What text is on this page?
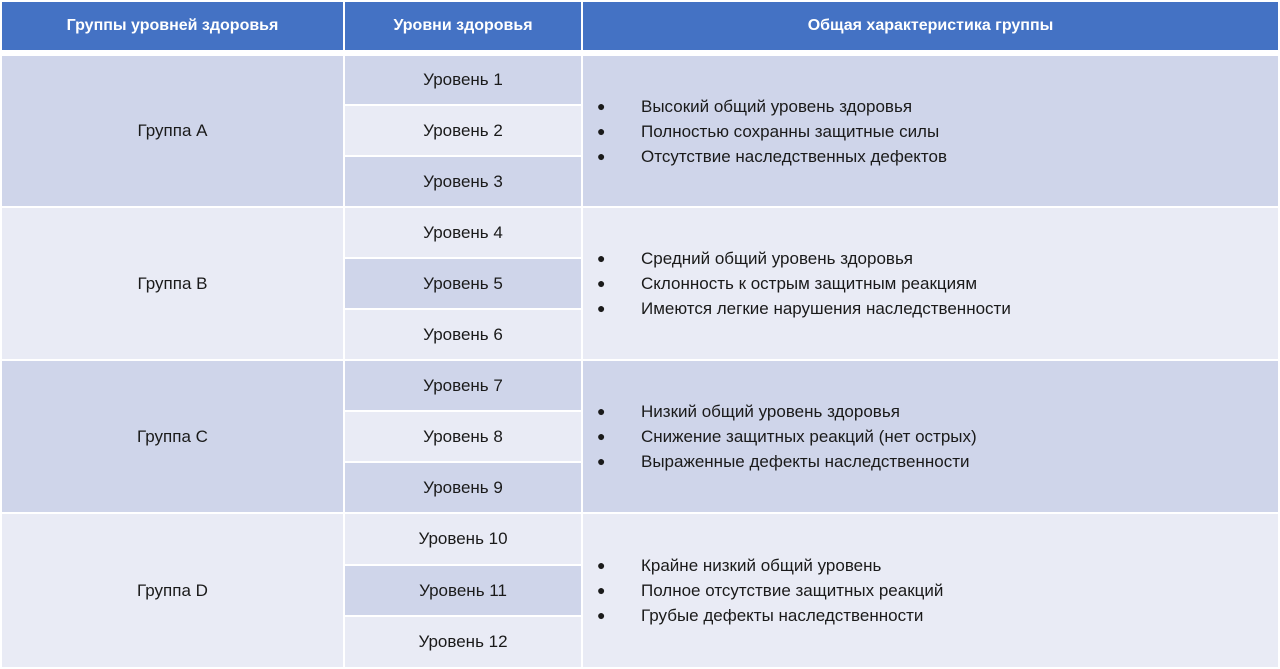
Группы уровней здоровья	Уровни здоровья	Общая характеристика группы
Группа А
Уровень 1
Уровень 2
Уровень 3
● Высокий общий уровень здоровья
● Полностью сохранны защитные силы
● Отсутствие наследственных дефектов
Группа В
Уровень 4
Уровень 5
Уровень 6
● Средний общий уровень здоровья
● Склонность к острым защитным реакциям
● Имеются легкие нарушения наследственности
Группа С
Уровень 7
Уровень 8
Уровень 9
● Низкий общий уровень здоровья
● Снижение защитных реакций (нет острых)
● Выраженные дефекты наследственности
Группа D
Уровень 10
Уровень 11
Уровень 12
● Крайне низкий общий уровень
● Полное отсутствие защитных реакций
● Грубые дефекты наследственности
